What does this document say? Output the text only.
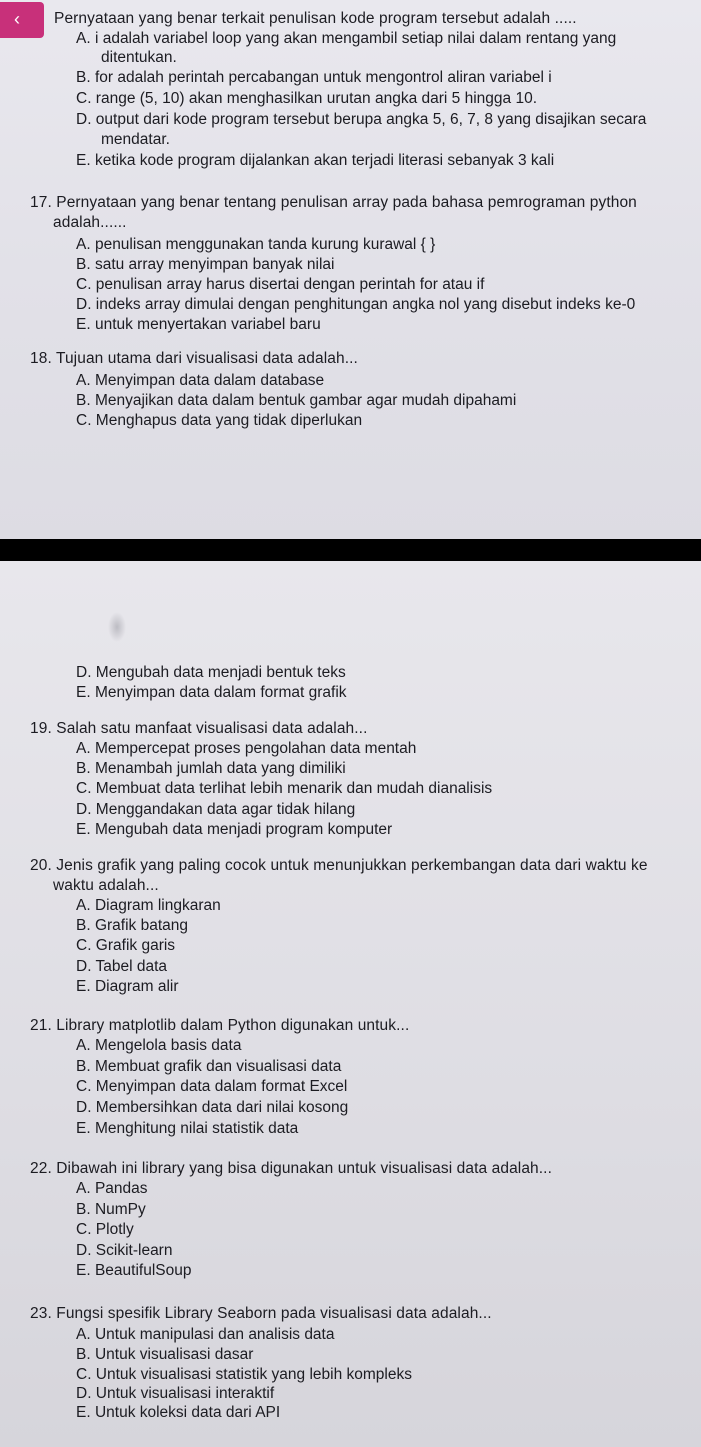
‹ Pernyataan yang benar terkait penulisan kode program tersebut adalah .....
A. i adalah variabel loop yang akan mengambil setiap nilai dalam rentang yang
ditentukan.
B. for adalah perintah percabangan untuk mengontrol aliran variabel i
C. range (5, 10) akan menghasilkan urutan angka dari 5 hingga 10.
D. output dari kode program tersebut berupa angka 5, 6, 7, 8 yang disajikan secara
mendatar.
E. ketika kode program dijalankan akan terjadi literasi sebanyak 3 kali
17. Pernyataan yang benar tentang penulisan array pada bahasa pemrograman python
adalah......
A. penulisan menggunakan tanda kurung kurawal { }
B. satu array menyimpan banyak nilai
C. penulisan array harus disertai dengan perintah for atau if
D. indeks array dimulai dengan penghitungan angka nol yang disebut indeks ke-0
E. untuk menyertakan variabel baru
18. Tujuan utama dari visualisasi data adalah...
A. Menyimpan data dalam database
B. Menyajikan data dalam bentuk gambar agar mudah dipahami
C. Menghapus data yang tidak diperlukan
D. Mengubah data menjadi bentuk teks
E. Menyimpan data dalam format grafik
19. Salah satu manfaat visualisasi data adalah...
A. Mempercepat proses pengolahan data mentah
B. Menambah jumlah data yang dimiliki
C. Membuat data terlihat lebih menarik dan mudah dianalisis
D. Menggandakan data agar tidak hilang
E. Mengubah data menjadi program komputer
20. Jenis grafik yang paling cocok untuk menunjukkan perkembangan data dari waktu ke
waktu adalah...
A. Diagram lingkaran
B. Grafik batang
C. Grafik garis
D. Tabel data
E. Diagram alir
21. Library matplotlib dalam Python digunakan untuk...
A. Mengelola basis data
B. Membuat grafik dan visualisasi data
C. Menyimpan data dalam format Excel
D. Membersihkan data dari nilai kosong
E. Menghitung nilai statistik data
22. Dibawah ini library yang bisa digunakan untuk visualisasi data adalah...
A. Pandas
B. NumPy
C. Plotly
D. Scikit-learn
E. BeautifulSoup
23. Fungsi spesifik Library Seaborn pada visualisasi data adalah...
A. Untuk manipulasi dan analisis data
B. Untuk visualisasi dasar
C. Untuk visualisasi statistik yang lebih kompleks
D. Untuk visualisasi interaktif
E. Untuk koleksi data dari API
